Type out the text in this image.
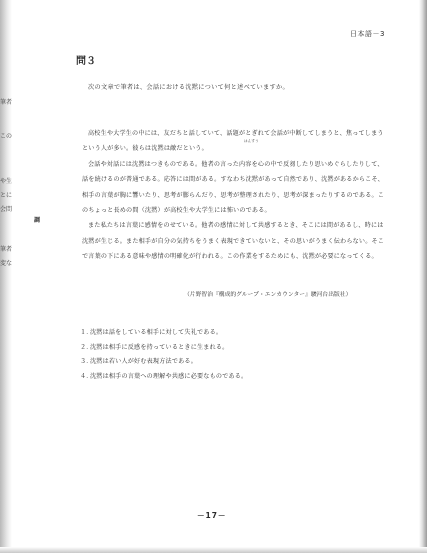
筆者
この
や生
とに
会問
調
筆者
変な
日本語－3
問３
次の文章で筆者は、会話における沈黙について何と述べていますか。
はんすう

高校生や大学生の中には、友だちと話していて、話題がとぎれて会話が中断してしまうと、焦ってしまうという人が多い。彼らは沈黙は敵だという。

会話や対話には沈黙はつきものである。他者の言った内容を心の中で反芻したり思いめぐらしたりして、話を続けるのが普通である。応答には間がある。すなわち沈黙があって自然であり、沈黙があるからこそ、相手の言葉が胸に響いたり、思考が膨らんだり、思考が整理されたり、思考が深まったりするのである。このちょっと長めの間（沈黙）が高校生や大学生には怖いのである。

また私たちは言葉に感情をのせている。他者の感情に対して共感するとき、そこには間があるし、時には沈黙が生じる。また相手が自分の気持ちをうまく表現できていないと、その思いがうまく伝わらない。そこで言葉の下にある意味や感情の明確化が行われる。この作業をするためにも、沈黙が必要になってくる。

（片野智治『構成的グループ・エンカウンター』駿河台出版社）
１．沈黙は話をしている相手に対して失礼である。
２．沈黙は相手に反感を持っているときに生まれる。
３．沈黙は若い人が好む表現方法である。
４．沈黙は相手の言葉への理解や共感に必要なものである。
－17－
